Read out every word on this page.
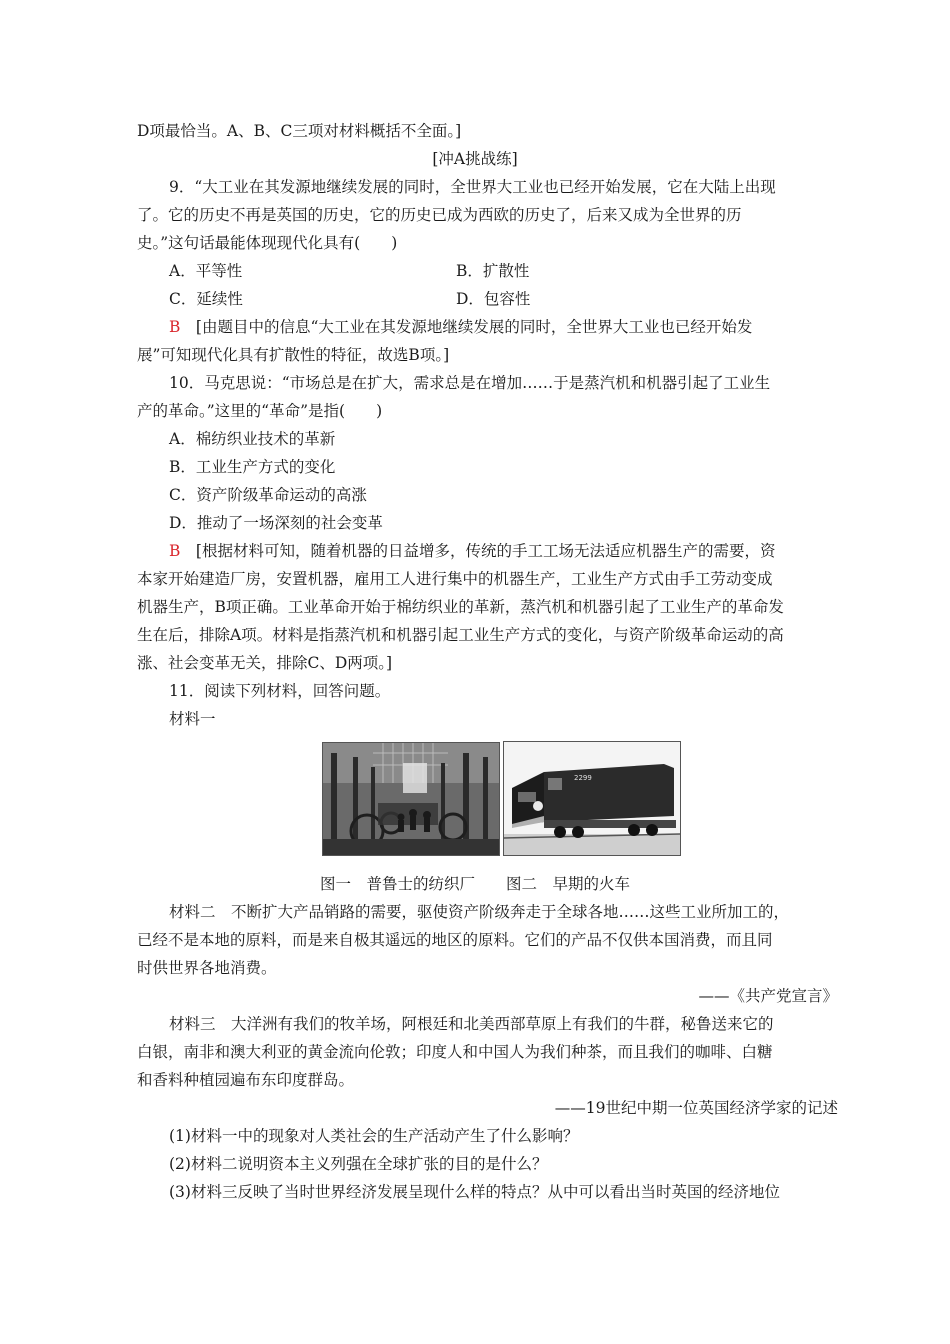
D项最恰当。A、B、C三项对材料概括不全面。]
[冲A挑战练]
9．“大工业在其发源地继续发展的同时，全世界大工业也已经开始发展，它在大陆上出现
了。它的历史不再是英国的历史，它的历史已成为西欧的历史了，后来又成为全世界的历
史。”这句话最能体现现代化具有(　　)
A．平等性	B．扩散性
C．延续性	D．包容性
B　 [由题目中的信息“大工业在其发源地继续发展的同时，全世界大工业也已经开始发
展”可知现代化具有扩散性的特征，故选B项。]
10．马克思说：“市场总是在扩大，需求总是在增加……于是蒸汽机和机器引起了工业生
产的革命。”这里的“革命”是指(　　)
A．棉纺织业技术的革新
B．工业生产方式的变化
C．资产阶级革命运动的高涨
D．推动了一场深刻的社会变革
B　 [根据材料可知，随着机器的日益增多，传统的手工工场无法适应机器生产的需要，资
本家开始建造厂房，安置机器，雇用工人进行集中的机器生产，工业生产方式由手工劳动变成
机器生产，B项正确。工业革命开始于棉纺织业的革新，蒸汽机和机器引起了工业生产的革命发
生在后，排除A项。材料是指蒸汽机和机器引起工业生产方式的变化，与资产阶级革命运动的高
涨、社会变革无关，排除C、D两项。]
11．阅读下列材料，回答问题。
材料一
2299
图一　普鲁士的纺织厂　　图二　早期的火车
材料二　不断扩大产品销路的需要，驱使资产阶级奔走于全球各地……这些工业所加工的，
已经不是本地的原料，而是来自极其遥远的地区的原料。它们的产品不仅供本国消费，而且同
时供世界各地消费。
——《共产党宣言》
材料三　大洋洲有我们的牧羊场，阿根廷和北美西部草原上有我们的牛群，秘鲁送来它的
白银，南非和澳大利亚的黄金流向伦敦；印度人和中国人为我们种茶，而且我们的咖啡、白糖
和香料种植园遍布东印度群岛。
——19世纪中期一位英国经济学家的记述
(1)材料一中的现象对人类社会的生产活动产生了什么影响？
(2)材料二说明资本主义列强在全球扩张的目的是什么？
(3)材料三反映了当时世界经济发展呈现什么样的特点？从中可以看出当时英国的经济地位
